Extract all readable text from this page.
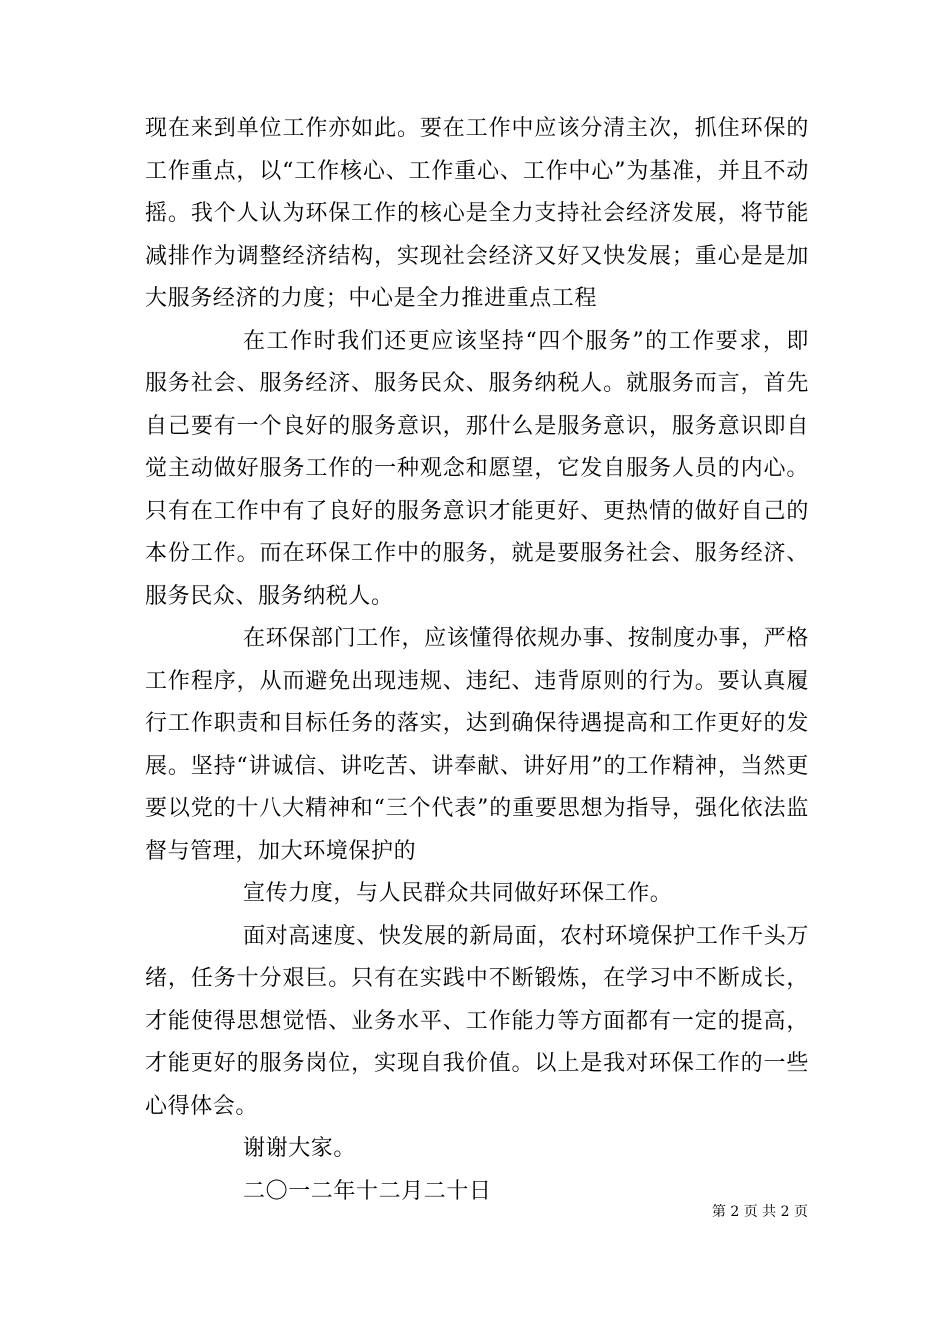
现在来到单位工作亦如此。要在工作中应该分清主次，抓住环保的工作重点，以“工作核心、工作重心、工作中心”为基准，并且不动摇。我个人认为环保工作的核心是全力支持社会经济发展，将节能减排作为调整经济结构，实现社会经济又好又快发展；重心是是加大服务经济的力度；中心是全力推进重点工程

在工作时我们还更应该坚持“四个服务”的工作要求，即服务社会、服务经济、服务民众、服务纳税人。就服务而言，首先自己要有一个良好的服务意识，那什么是服务意识，服务意识即自觉主动做好服务工作的一种观念和愿望，它发自服务人员的内心。只有在工作中有了良好的服务意识才能更好、更热情的做好自己的本份工作。而在环保工作中的服务，就是要服务社会、服务经济、服务民众、服务纳税人。

在环保部门工作，应该懂得依规办事、按制度办事，严格工作程序，从而避免出现违规、违纪、违背原则的行为。要认真履行工作职责和目标任务的落实，达到确保待遇提高和工作更好的发展。坚持“讲诚信、讲吃苦、讲奉献、讲好用”的工作精神，当然更要以党的十八大精神和“三个代表”的重要思想为指导，强化依法监督与管理，加大环境保护的

宣传力度，与人民群众共同做好环保工作。

面对高速度、快发展的新局面，农村环境保护工作千头万绪，任务十分艰巨。只有在实践中不断锻炼，在学习中不断成长，才能使得思想觉悟、业务水平、工作能力等方面都有一定的提高，才能更好的服务岗位，实现自我价值。以上是我对环保工作的一些心得体会。

谢谢大家。

二〇一二年十二月二十日

第 2 页 共 2 页
